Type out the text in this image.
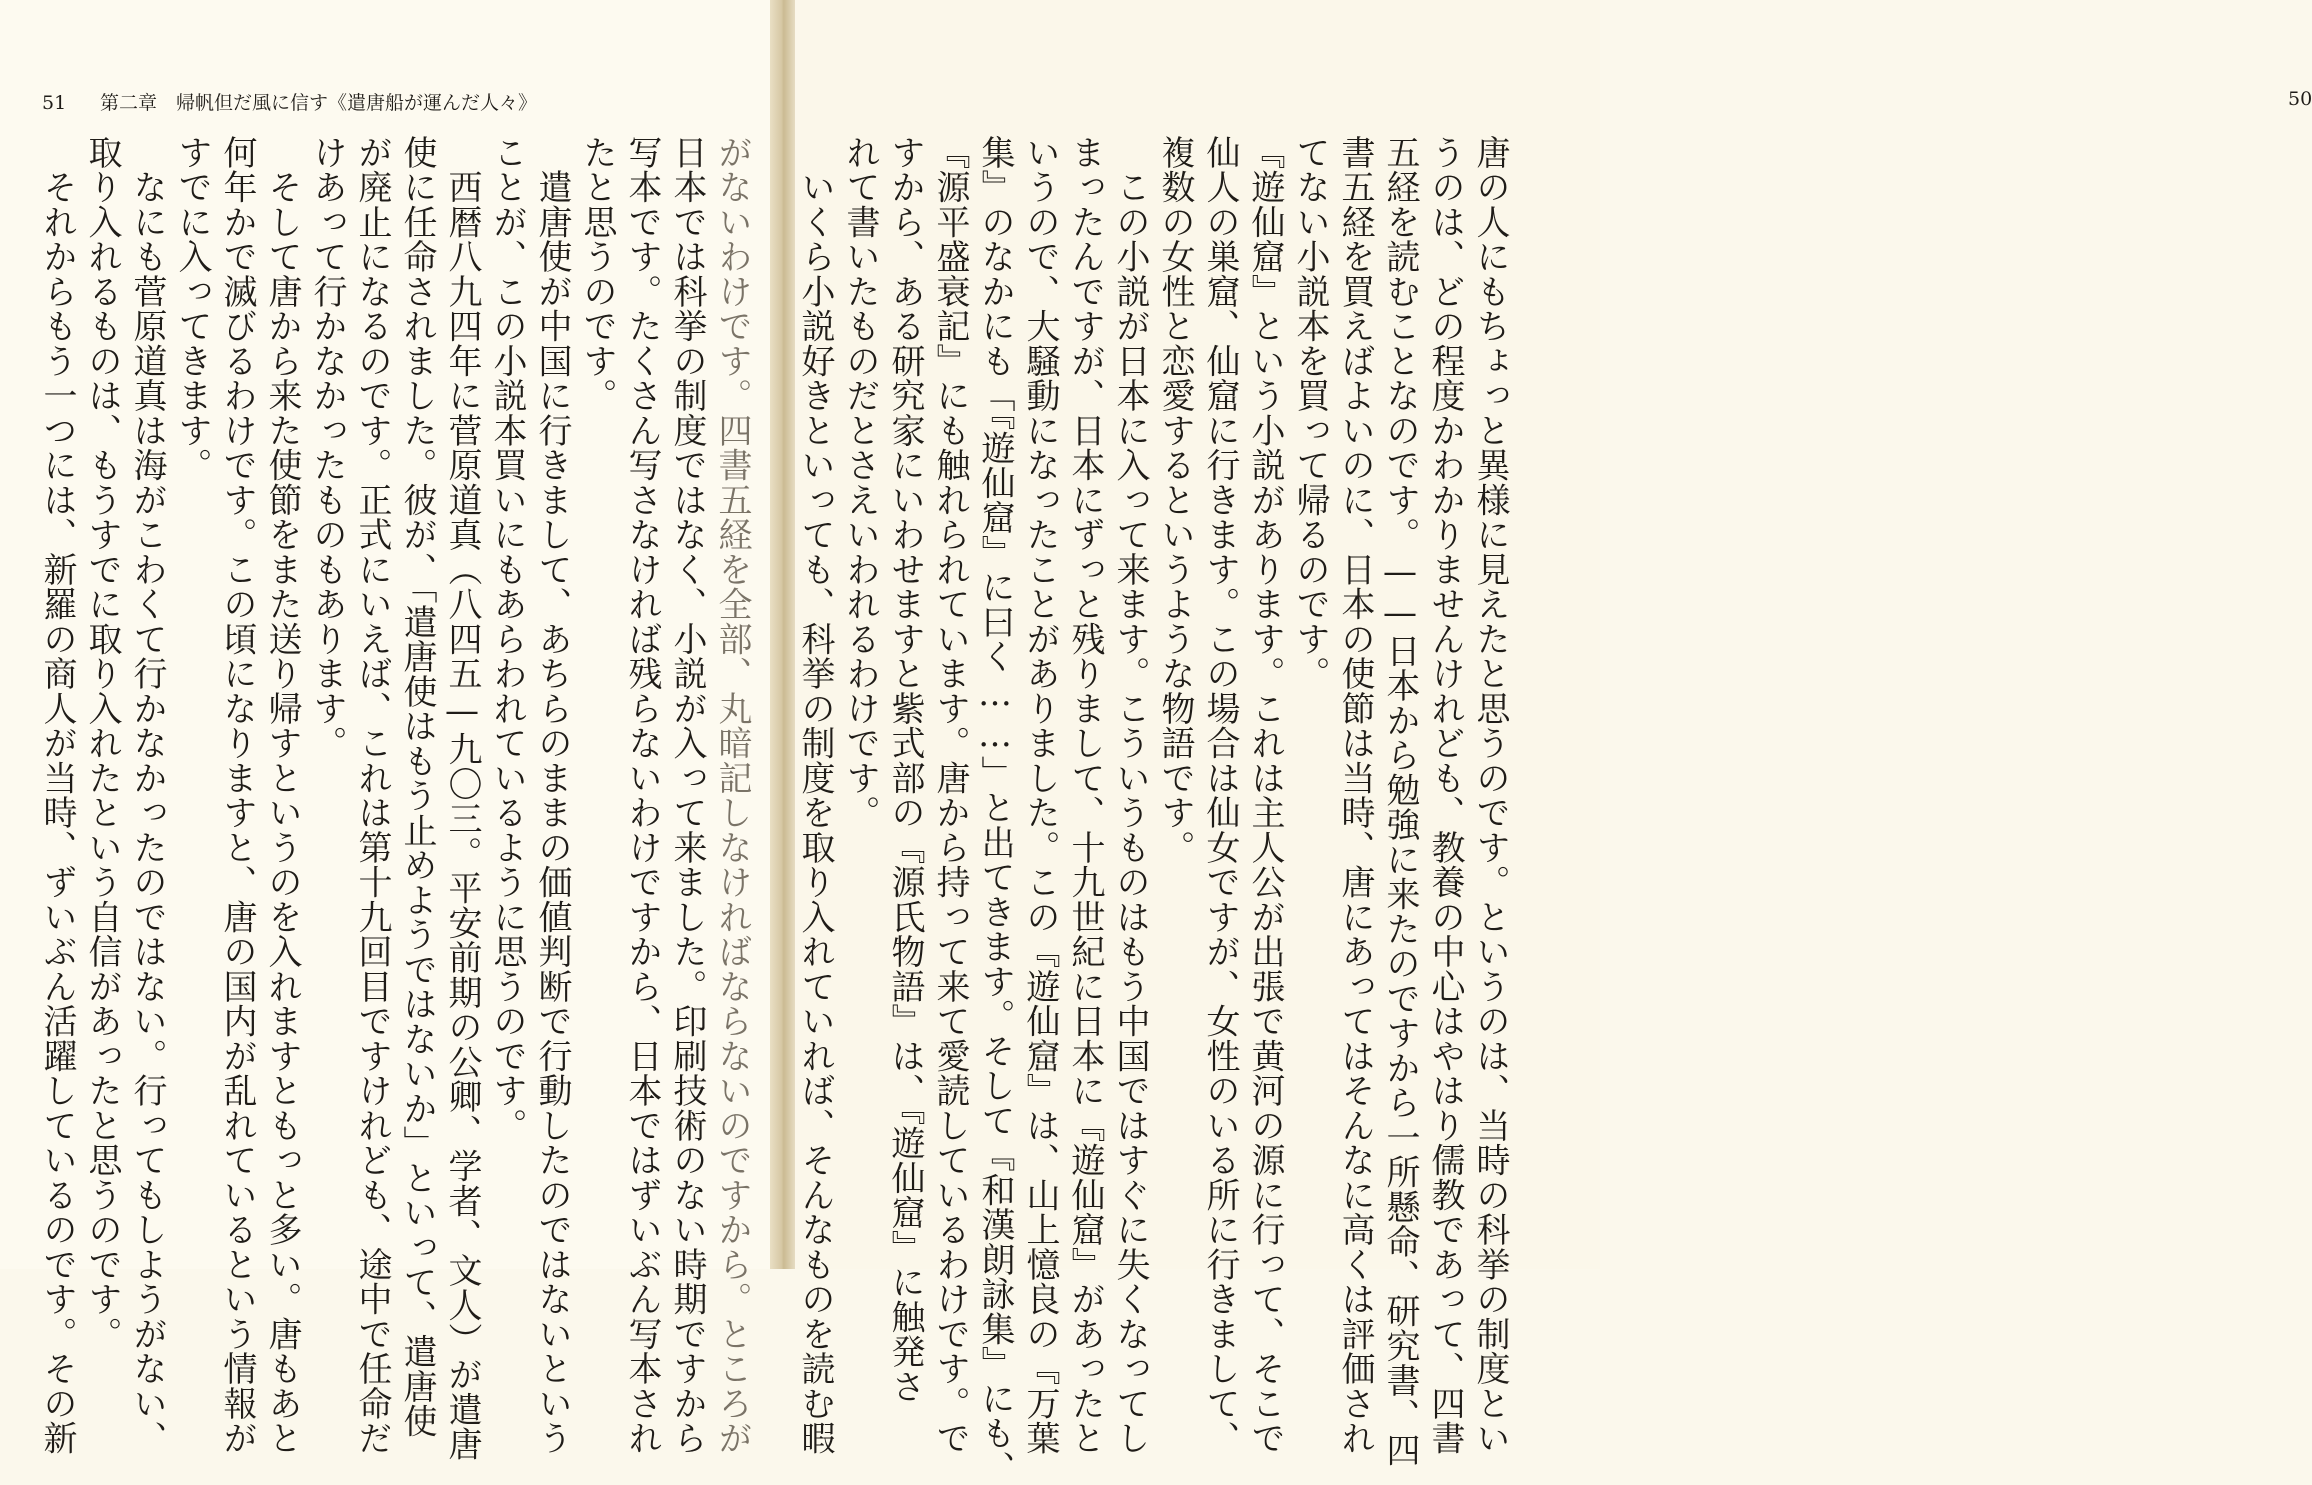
51 第二章　帰帆但だ風に信す《遣唐船が運んだ人々》	50
がないわけです。四書五経を全部、丸暗記しなければならないのですから。ところが
日本では科挙の制度ではなく、小説が入って来ました。印刷技術のない時期ですから
写本です。たくさん写さなければ残らないわけですから、日本ではずいぶん写本され
たと思うのです。
　遣唐使が中国に行きまして、あちらのままの価値判断で行動したのではないという
ことが、この小説本買いにもあらわれているように思うのです。
　西暦八九四年に菅原道真（八四五—九〇三。平安前期の公卿、学者、文人）が遣唐
使に任命されました。彼が、「遣唐使はもう止めようではないか」といって、遣唐使
が廃止になるのです。正式にいえば、これは第十九回目ですけれども、途中で任命だ
けあって行かなかったものもあります。
　そして唐から来た使節をまた送り帰すというのを入れますともっと多い。唐もあと
何年かで滅びるわけです。この頃になりますと、唐の国内が乱れているという情報が
すでに入ってきます。
　なにも菅原道真は海がこわくて行かなかったのではない。行ってもしようがない、
取り入れるものは、もうすでに取り入れたという自信があったと思うのです。
　それからもう一つには、新羅の商人が当時、ずいぶん活躍しているのです。その新	唐の人にもちょっと異様に見えたと思うのです。というのは、当時の科挙の制度とい
うのは、どの程度かわかりませんけれども、教養の中心はやはり儒教であって、四書
五経を読むことなのです。——日本から勉強に来たのですから一所懸命、研究書、四
書五経を買えばよいのに、日本の使節は当時、唐にあってはそんなに高くは評価され
てない小説本を買って帰るのです。
『遊仙窟』という小説があります。これは主人公が出張で黄河の源に行って、そこで
仙人の巣窟、仙窟に行きます。この場合は仙女ですが、女性のいる所に行きまして、
複数の女性と恋愛するというような物語です。
　この小説が日本に入って来ます。こういうものはもう中国ではすぐに失くなってし
まったんですが、日本にずっと残りまして、十九世紀に日本に『遊仙窟』があったと
いうので、大騒動になったことがありました。この『遊仙窟』は、山上憶良の『万葉
集』のなかにも「『遊仙窟』に曰く……」と出てきます。そして『和漢朗詠集』にも、
『源平盛衰記』にも触れられています。唐から持って来て愛読しているわけです。で
すから、ある研究家にいわせますと紫式部の『源氏物語』は、『遊仙窟』に触発さ
れて書いたものだとさえいわれるわけです。
　いくら小説好きといっても、科挙の制度を取り入れていれば、そんなものを読む暇
